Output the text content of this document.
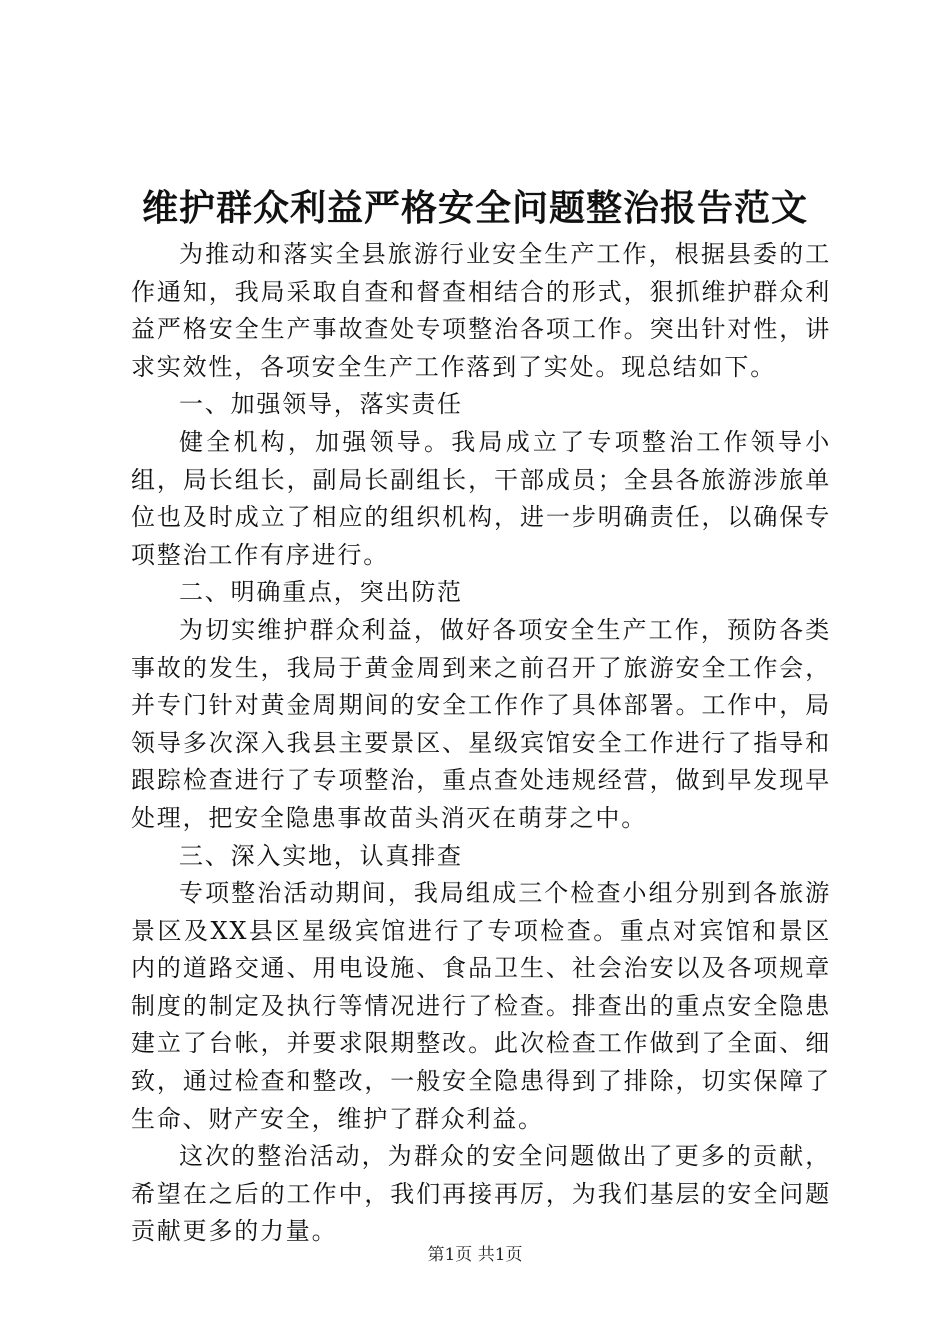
维护群众利益严格安全问题整治报告范文

为推动和落实全县旅游行业安全生产工作，根据县委的工作通知，我局采取自查和督查相结合的形式，狠抓维护群众利益严格安全生产事故查处专项整治各项工作。突出针对性，讲求实效性，各项安全生产工作落到了实处。现总结如下。

一、加强领导，落实责任

健全机构，加强领导。我局成立了专项整治工作领导小组，局长组长，副局长副组长，干部成员；全县各旅游涉旅单位也及时成立了相应的组织机构，进一步明确责任，以确保专项整治工作有序进行。

二、明确重点，突出防范

为切实维护群众利益，做好各项安全生产工作，预防各类事故的发生，我局于黄金周到来之前召开了旅游安全工作会，并专门针对黄金周期间的安全工作作了具体部署。工作中，局领导多次深入我县主要景区、星级宾馆安全工作进行了指导和跟踪检查进行了专项整治，重点查处违规经营，做到早发现早处理，把安全隐患事故苗头消灭在萌芽之中。

三、深入实地，认真排查

专项整治活动期间，我局组成三个检查小组分别到各旅游景区及XX县区星级宾馆进行了专项检查。重点对宾馆和景区内的道路交通、用电设施、食品卫生、社会治安以及各项规章制度的制定及执行等情况进行了检查。排查出的重点安全隐患建立了台帐，并要求限期整改。此次检查工作做到了全面、细致，通过检查和整改，一般安全隐患得到了排除，切实保障了生命、财产安全，维护了群众利益。

这次的整治活动，为群众的安全问题做出了更多的贡献，希望在之后的工作中，我们再接再厉，为我们基层的安全问题贡献更多的力量。

第1页 共1页
